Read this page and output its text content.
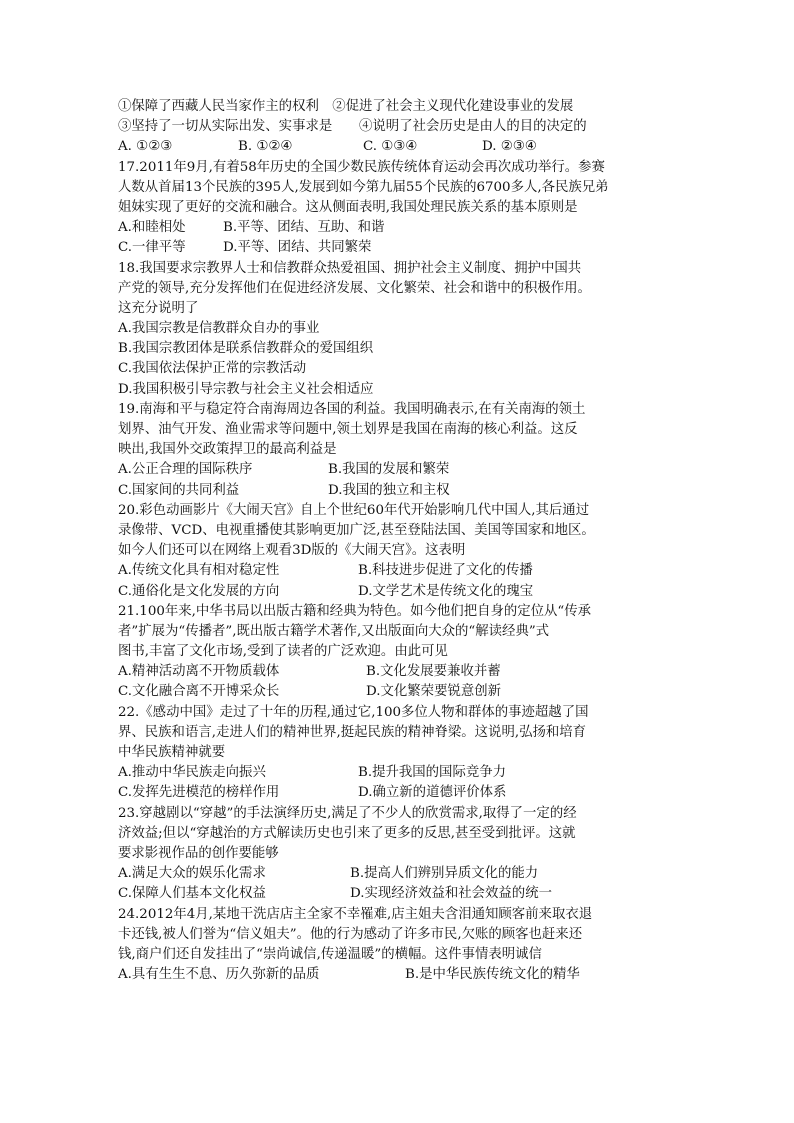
①保障了西藏人民当家作主的权利　②促进了社会主义现代化建设事业的发展
③坚持了一切从实际出发、实事求是　　④说明了社会历史是由人的目的决定的
A. ①②③	B. ①②④	C. ①③④	D. ②③④
17.2011年9月,有着58年历史的全国少数民族传统体育运动会再次成功举行。参赛
人数从首届13个民族的395人,发展到如今第九届55个民族的6700多人,各民族兄弟
姐妹实现了更好的交流和融合。这从侧面表明,我国处理民族关系的基本原则是
A.和睦相处	B.平等、团结、互助、和谐
C.一律平等	D.平等、团结、共同繁荣
18.我国要求宗教界人士和信教群众热爱祖国、拥护社会主义制度、拥护中国共
产党的领导,充分发挥他们在促进经济发展、文化繁荣、社会和谐中的积极作用。
这充分说明了
A.我国宗教是信教群众自办的事业
B.我国宗教团体是联系信教群众的爱国组织
C.我国依法保护正常的宗教活动
D.我国积极引导宗教与社会主义社会相适应
19.南海和平与稳定符合南海周边各国的利益。我国明确表示,在有关南海的领土
划界、油气开发、渔业需求等问题中,领土划界是我国在南海的核心利益。这反
映出,我国外交政策捍卫的最高利益是
A.公正合理的国际秩序	B.我国的发展和繁荣
C.国家间的共同利益	D.我国的独立和主权
20.彩色动画影片《大闹天宫》自上个世纪60年代开始影响几代中国人,其后通过
录像带、VCD、电视重播使其影响更加广泛,甚至登陆法国、美国等国家和地区。
如今人们还可以在网络上观看3D版的《大闹天宫》。这表明
A.传统文化具有相对稳定性	B.科技进步促进了文化的传播
C.通俗化是文化发展的方向	D.文学艺术是传统文化的瑰宝
21.100年来,中华书局以出版古籍和经典为特色。如今他们把自身的定位从“传承
者”扩展为“传播者”,既出版古籍学术著作,又出版面向大众的“解读经典”式
图书,丰富了文化市场,受到了读者的广泛欢迎。由此可见
A.精神活动离不开物质载体	B.文化发展要兼收并蓄
C.文化融合离不开博采众长	D.文化繁荣要锐意创新
22.《感动中国》走过了十年的历程,通过它,100多位人物和群体的事迹超越了国
界、民族和语言,走进人们的精神世界,挺起民族的精神脊梁。这说明,弘扬和培育
中华民族精神就要
A.推动中华民族走向振兴	B.提升我国的国际竞争力
C.发挥先进模范的榜样作用	D.确立新的道德评价体系
23.穿越剧以“穿越”的手法演绎历史,满足了不少人的欣赏需求,取得了一定的经
济效益;但以“穿越治的方式解读历史也引来了更多的反思,甚至受到批评。这就
要求影视作品的创作要能够
A.满足大众的娱乐化需求	B.提高人们辨别异质文化的能力
C.保障人们基本文化权益	D.实现经济效益和社会效益的统一
24.2012年4月,某地干洗店店主全家不幸罹难,店主姐夫含泪通知顾客前来取衣退
卡还钱,被人们誉为“信义姐夫”。他的行为感动了许多市民,欠账的顾客也赶来还
钱,商户们还自发挂出了“崇尚诚信,传递温暖”的横幅。这件事情表明诚信
A.具有生生不息、历久弥新的品质	B.是中华民族传统文化的精华
